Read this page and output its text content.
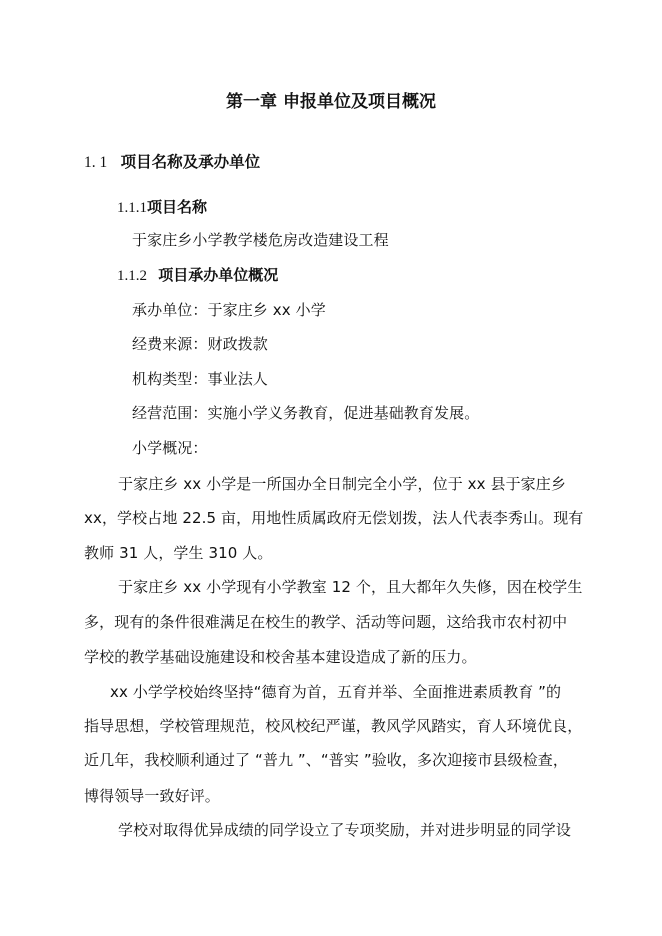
第一章 申报单位及项目概况
1. 1 项目名称及承办单位
1.1.1项目名称
于家庄乡小学教学楼危房改造建设工程
1.1.2 项目承办单位概况
承办单位：于家庄乡 xx 小学
经费来源：财政拨款
机构类型：事业法人
经营范围：实施小学义务教育，促进基础教育发展。
小学概况：
于家庄乡 xx 小学是一所国办全日制完全小学，位于 xx 县于家庄乡
xx，学校占地 22.5 亩，用地性质属政府无偿划拨，法人代表李秀山。现有
教师 31 人，学生 310 人。
于家庄乡 xx 小学现有小学教室 12 个，且大都年久失修，因在校学生
多，现有的条件很难满足在校生的教学、活动等问题，这给我市农村初中
学校的教学基础设施建设和校舍基本建设造成了新的压力。
xx 小学学校始终坚持“德育为首，五育并举、全面推进素质教育 ”的
指导思想，学校管理规范，校风校纪严谨，教风学风踏实，育人环境优良，
近几年，我校顺利通过了 “普九 ”、“普实 ”验收，多次迎接市县级检查，
博得领导一致好评。
学校对取得优异成绩的同学设立了专项奖励，并对进步明显的同学设
